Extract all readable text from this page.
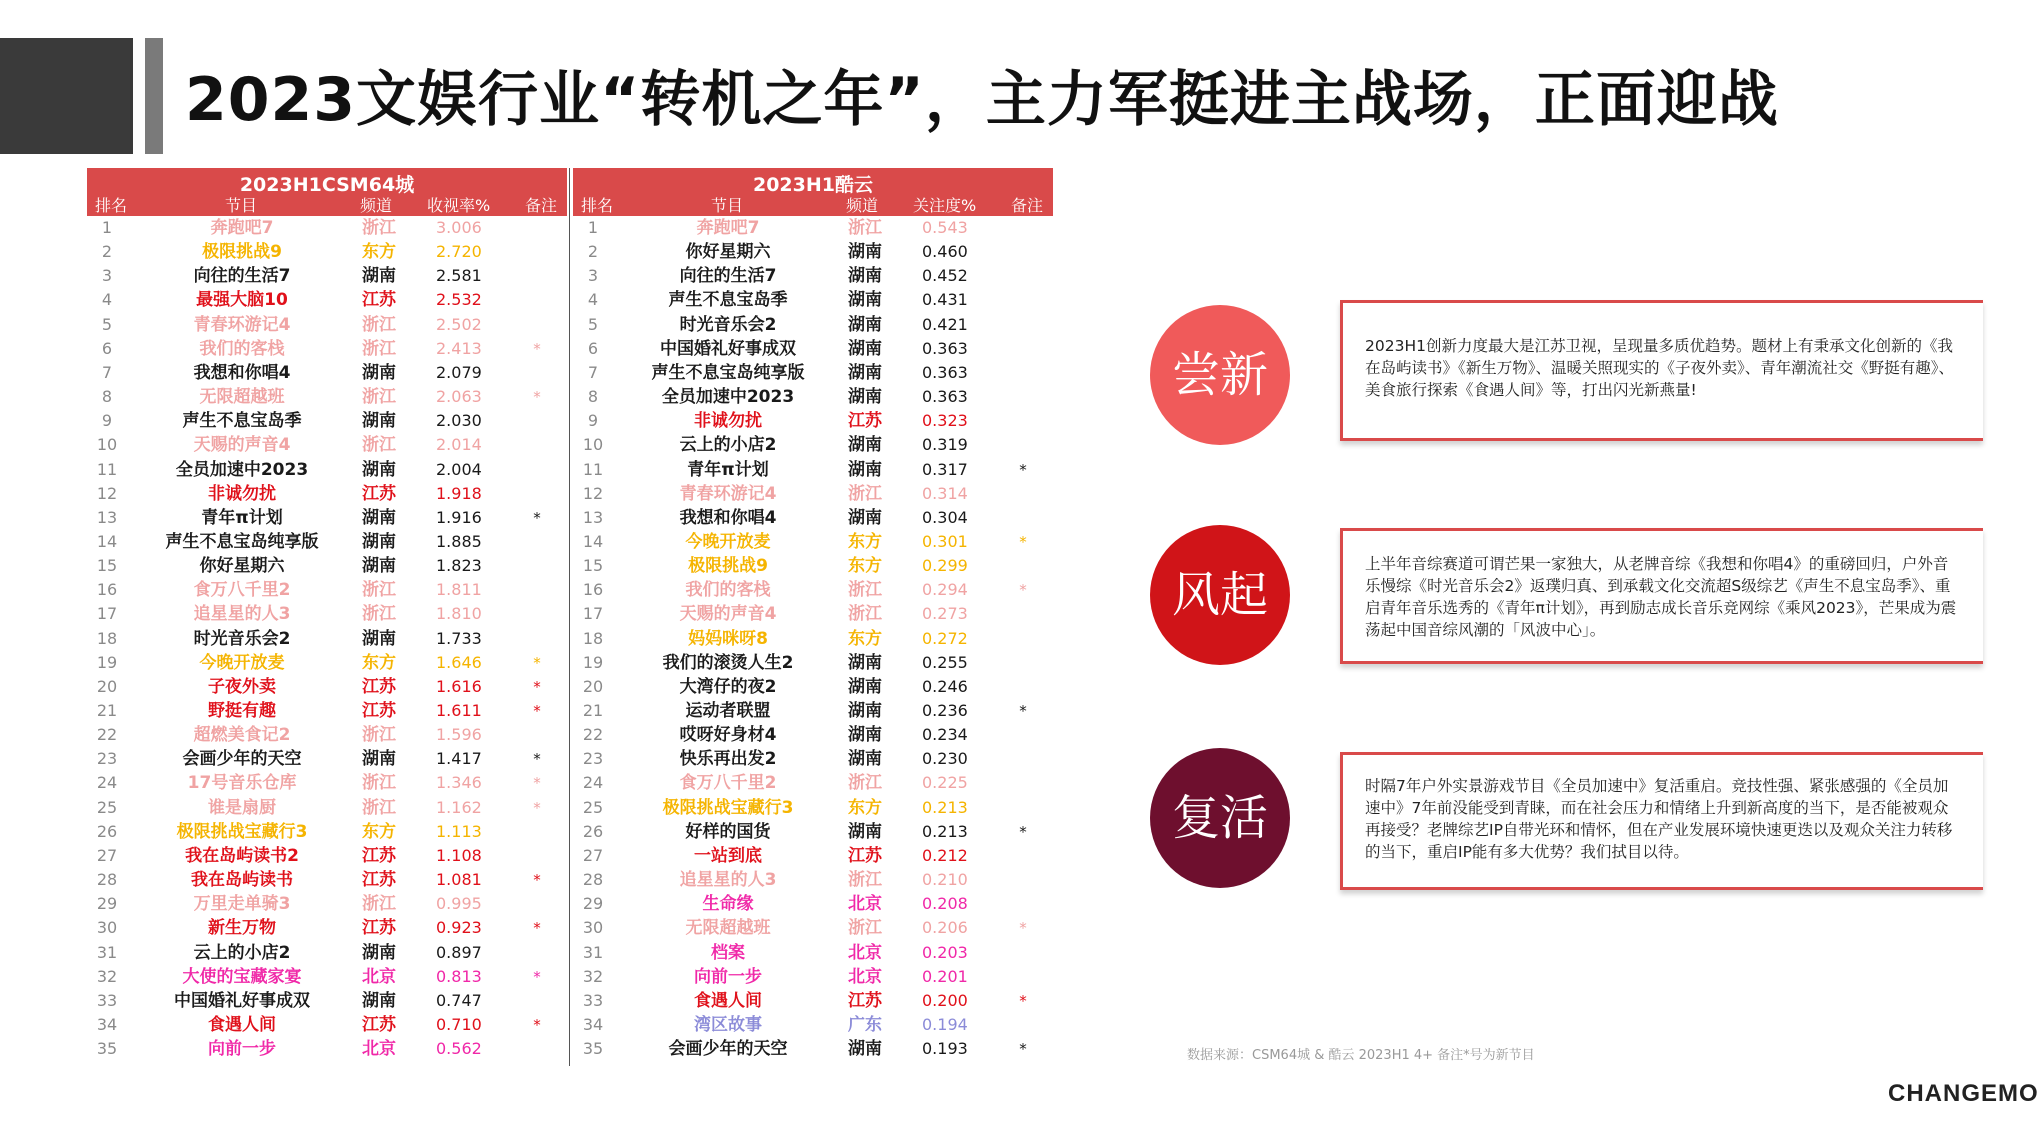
2023文娱行业“转机之年”，主力军挺进主战场，正面迎战
2023H1CSM64城
排名	节目	频道 收视率% 备注
1	奔跑吧7	浙江	3.006
2	极限挑战9	东方	2.720
3	向往的生活7	湖南	2.581
4	最强大脑10	江苏	2.532
5	青春环游记4	浙江	2.502
6	我们的客栈	浙江	2.413	*
7	我想和你唱4	湖南	2.079
8	无限超越班	浙江	2.063	*
9	声生不息宝岛季	湖南	2.030
10	天赐的声音4	浙江	2.014
11	全员加速中2023	湖南	2.004
12	非诚勿扰	江苏	1.918
13	青年π计划	湖南	1.916	*
14	声生不息宝岛纯享版	湖南	1.885
15	你好星期六	湖南	1.823
16	食万八千里2	浙江	1.811
17	追星星的人3	浙江	1.810
18	时光音乐会2	湖南	1.733
19	今晚开放麦	东方	1.646	*
20	子夜外卖	江苏	1.616	*
21	野挺有趣	江苏	1.611	*
22	超燃美食记2	浙江	1.596
23	会画少年的天空	湖南	1.417	*
24	17号音乐仓库	浙江	1.346	*
25	谁是扇厨	浙江	1.162	*
26	极限挑战宝藏行3	东方	1.113
27	我在岛屿读书2	江苏	1.108
28	我在岛屿读书	江苏	1.081	*
29	万里走单骑3	浙江	0.995
30	新生万物	江苏	0.923	*
31	云上的小店2	湖南	0.897
32	大使的宝藏家宴	北京	0.813	*
33	中国婚礼好事成双	湖南	0.747
34	食遇人间	江苏	0.710	*
35	向前一步	北京	0.562
2023H1酷云
排名	节目	频道 关注度% 备注
1	奔跑吧7	浙江	0.543
2	你好星期六	湖南	0.460
3	向往的生活7	湖南	0.452
4	声生不息宝岛季	湖南	0.431
5	时光音乐会2	湖南	0.421
6	中国婚礼好事成双	湖南	0.363
7	声生不息宝岛纯享版	湖南	0.363
8	全员加速中2023	湖南	0.363
9	非诚勿扰	江苏	0.323
10	云上的小店2	湖南	0.319
11	青年π计划	湖南	0.317	*
12	青春环游记4	浙江	0.314
13	我想和你唱4	湖南	0.304
14	今晚开放麦	东方	0.301	*
15	极限挑战9	东方	0.299
16	我们的客栈	浙江	0.294	*
17	天赐的声音4	浙江	0.273
18	妈妈咪呀8	东方	0.272
19	我们的滚烫人生2	湖南	0.255
20	大湾仔的夜2	湖南	0.246
21	运动者联盟	湖南	0.236	*
22	哎呀好身材4	湖南	0.234
23	快乐再出发2	湖南	0.230
24	食万八千里2	浙江	0.225
25	极限挑战宝藏行3	东方	0.213
26	好样的国货	湖南	0.213	*
27	一站到底	江苏	0.212
28	追星星的人3	浙江	0.210
29	生命缘	北京	0.208
30	无限超越班	浙江	0.206	*
31	档案	北京	0.203
32	向前一步	北京	0.201
33	食遇人间	江苏	0.200	*
34	湾区故事	广东	0.194
35	会画少年的天空	湖南	0.193	*
尝新

2023H1创新力度最大是江苏卫视，呈现量多质优趋势。题材上有秉承文化创新的《我在岛屿读书》《新生万物》、温暖关照现实的《子夜外卖》、青年潮流社交《野挺有趣》、美食旅行探索《食遇人间》等，打出闪光新燕量!

风起

上半年音综赛道可谓芒果一家独大，从老牌音综《我想和你唱4》的重磅回归，户外音乐慢综《时光音乐会2》返璞归真、到承载文化交流超S级综艺《声生不息宝岛季》、重启青年音乐选秀的《青年π计划》，再到励志成长音乐竞网综《乘风2023》，芒果成为震荡起中国音综风潮的「风波中心」。

复活

时隔7年户外实景游戏节目《全员加速中》复活重启。竞技性强、紧张感强的《全员加速中》7年前没能受到青睐，而在社会压力和情绪上升到新高度的当下，是否能被观众再接受？老牌综艺IP自带光环和情怀，但在产业发展环境快速更迭以及观众关注力转移的当下，重启IP能有多大优势？我们拭目以待。

数据来源：CSM64城 & 酷云 2023H1 4+ 备注*号为新节目
CHANGEMO
